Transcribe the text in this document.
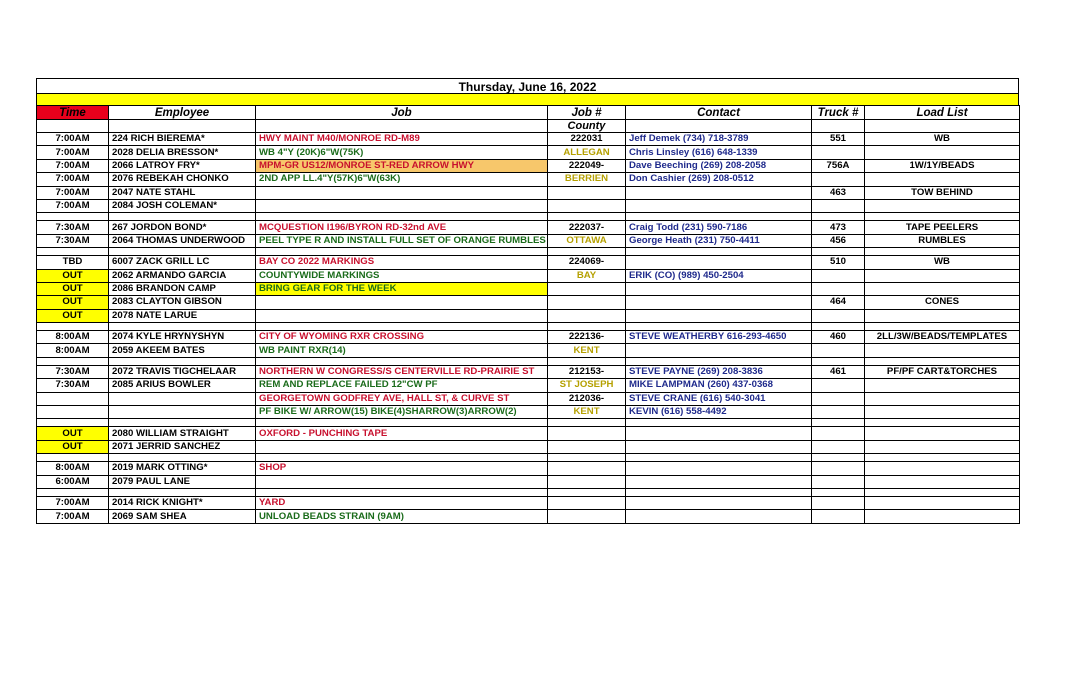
Thursday, June 16, 2022
Time	Employee	Job	Job #	Contact	Truck #	Load List
			County			
7:00AM	224 RICH BIEREMA*	HWY MAINT M40/MONROE RD-M89	222031	Jeff Demek (734) 718-3789	551	WB
7:00AM	2028 DELIA BRESSON*	WB 4"Y (20K)6"W(75K)	ALLEGAN	Chris Linsley (616) 648-1339		
7:00AM	2066 LATROY FRY*	MPM-GR US12/MONROE ST-RED ARROW HWY	222049-	Dave Beeching (269) 208-2058	756A	1W/1Y/BEADS
7:00AM	2076 REBEKAH CHONKO	2ND APP LL.4"Y(57K)6"W(63K)	BERRIEN	Don Cashier (269) 208-0512		
7:00AM	2047 NATE STAHL				463	TOW BEHIND
7:00AM	2084 JOSH COLEMAN*					

7:30AM	267 JORDON BOND*	MCQUESTION I196/BYRON RD-32nd AVE	222037-	Craig Todd (231) 590-7186	473	TAPE PEELERS
7:30AM	2064 THOMAS UNDERWOOD	PEEL TYPE R AND INSTALL FULL SET OF ORANGE RUMBLES	OTTAWA	George Heath (231) 750-4411	456	RUMBLES

TBD	6007 ZACK GRILL LC	BAY CO 2022 MARKINGS	224069-		510	WB
OUT	2062 ARMANDO GARCIA	COUNTYWIDE MARKINGS	BAY	ERIK (CO) (989) 450-2504		
OUT	2086 BRANDON CAMP	BRING GEAR FOR THE WEEK				
OUT	2083 CLAYTON GIBSON				464	CONES
OUT	2078 NATE LARUE					

8:00AM	2074 KYLE HRYNYSHYN	CITY OF WYOMING RXR CROSSING	222136-	STEVE WEATHERBY 616-293-4650	460	2LL/3W/BEADS/TEMPLATES
8:00AM	2059 AKEEM BATES	WB PAINT RXR(14)	KENT			

7:30AM	2072 TRAVIS TIGCHELAAR	NORTHERN W CONGRESS/S CENTERVILLE RD-PRAIRIE ST	212153-	STEVE PAYNE (269) 208-3836	461	PF/PF CART&TORCHES
7:30AM	2085 ARIUS BOWLER	REM AND REPLACE FAILED 12"CW PF	ST JOSEPH	MIKE LAMPMAN (260) 437-0368		
		GEORGETOWN GODFREY AVE, HALL ST, & CURVE ST	212036-	STEVE CRANE (616) 540-3041		
		PF BIKE W/ ARROW(15) BIKE(4)SHARROW(3)ARROW(2)	KENT	KEVIN (616) 558-4492		

OUT	2080 WILLIAM STRAIGHT	OXFORD - PUNCHING TAPE				
OUT	2071 JERRID SANCHEZ					

8:00AM	2019 MARK OTTING*	SHOP				
6:00AM	2079 PAUL LANE					

7:00AM	2014 RICK KNIGHT*	YARD				
7:00AM	2069 SAM SHEA	UNLOAD BEADS STRAIN (9AM)				
